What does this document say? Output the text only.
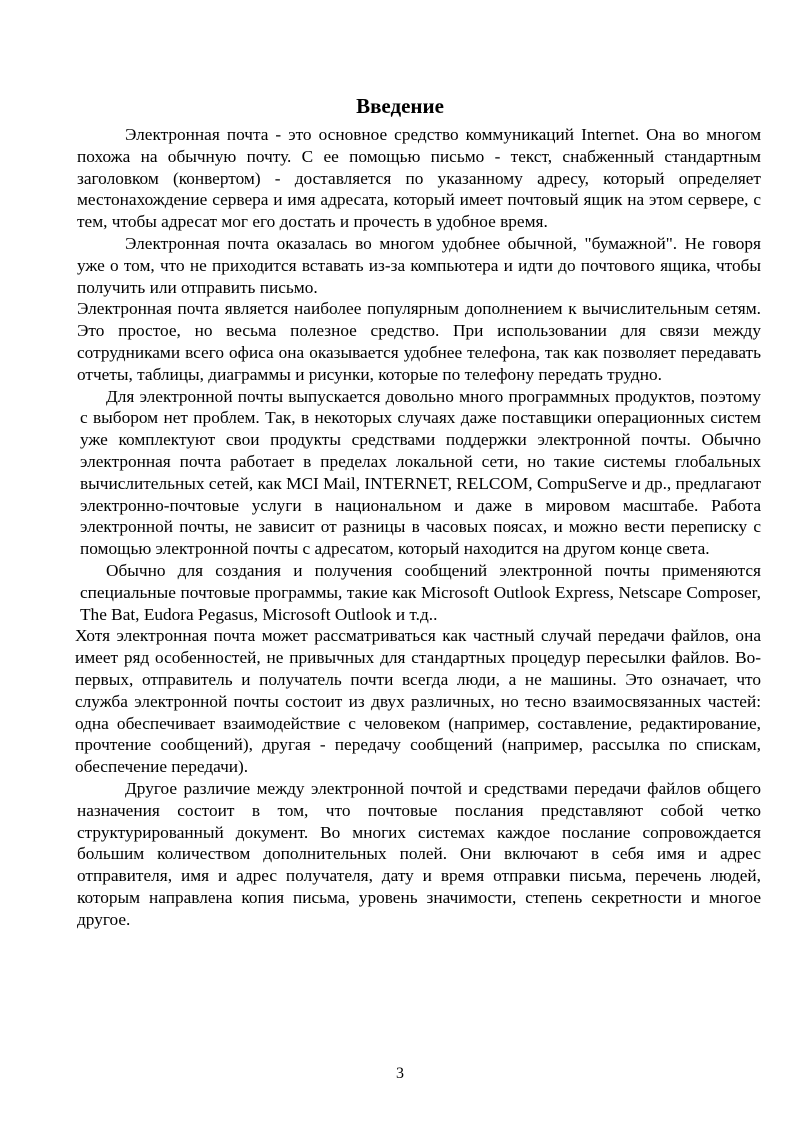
Введение

Электронная почта - это основное средство коммуникаций Internet. Она во многом похожа на обычную почту. С ее помощью письмо - текст, снабженный стандартным заголовком (конвертом) - доставляется по указанному адресу, который определяет местонахождение сервера и имя адресата, который имеет почтовый ящик на этом сервере, с тем, чтобы адресат мог его достать и прочесть в удобное время.

Электронная почта оказалась во многом удобнее обычной, "бумажной". Не говоря уже о том, что не приходится вставать из-за компьютера и идти до почтового ящика, чтобы получить или отправить письмо.

Электронная почта является наиболее популярным дополнением к вычислительным сетям. Это простое, но весьма полезное средство. При использовании для связи между сотрудниками всего офиса она оказывается удобнее телефона, так как позволяет передавать отчеты, таблицы, диаграммы и рисунки, которые по телефону передать трудно.

Для электронной почты выпускается довольно много программных продуктов, поэтому с выбором нет проблем. Так, в некоторых случаях даже поставщики операционных систем уже комплектуют свои продукты средствами поддержки электронной почты. Обычно электронная почта работает в пределах локальной сети, но такие системы глобальных вычислительных сетей, как MCI Mail, INTERNET, RELCOM, CompuServe и др., предлагают электронно-почтовые услуги в национальном и даже в мировом масштабе. Работа электронной почты, не зависит от разницы в часовых поясах, и можно вести переписку с помощью электронной почты с адресатом, который находится на другом конце света.

Обычно для создания и получения сообщений электронной почты применяются специальные почтовые программы, такие как Microsoft Outlook Express, Netscape Composer, The Bat, Eudora Pegasus, Microsoft Outlook и т.д..

Хотя электронная почта может рассматриваться как частный случай передачи файлов, она имеет ряд особенностей, не привычных для стандартных процедур пересылки файлов. Во-первых, отправитель и получатель почти всегда люди, а не машины. Это означает, что служба электронной почты состоит из двух различных, но тесно взаимосвязанных частей: одна обеспечивает взаимодействие с человеком (например, составление, редактирование, прочтение сообщений), другая - передачу сообщений (например, рассылка по спискам, обеспечение передачи).

Другое различие между электронной почтой и средствами передачи файлов общего назначения состоит в том, что почтовые послания представляют собой четко структурированный документ. Во многих системах каждое послание сопровождается большим количеством дополнительных полей. Они включают в себя имя и адрес отправителя, имя и адрес получателя, дату и время отправки письма, перечень людей, которым направлена копия письма, уровень значимости, степень секретности и многое другое.

3
